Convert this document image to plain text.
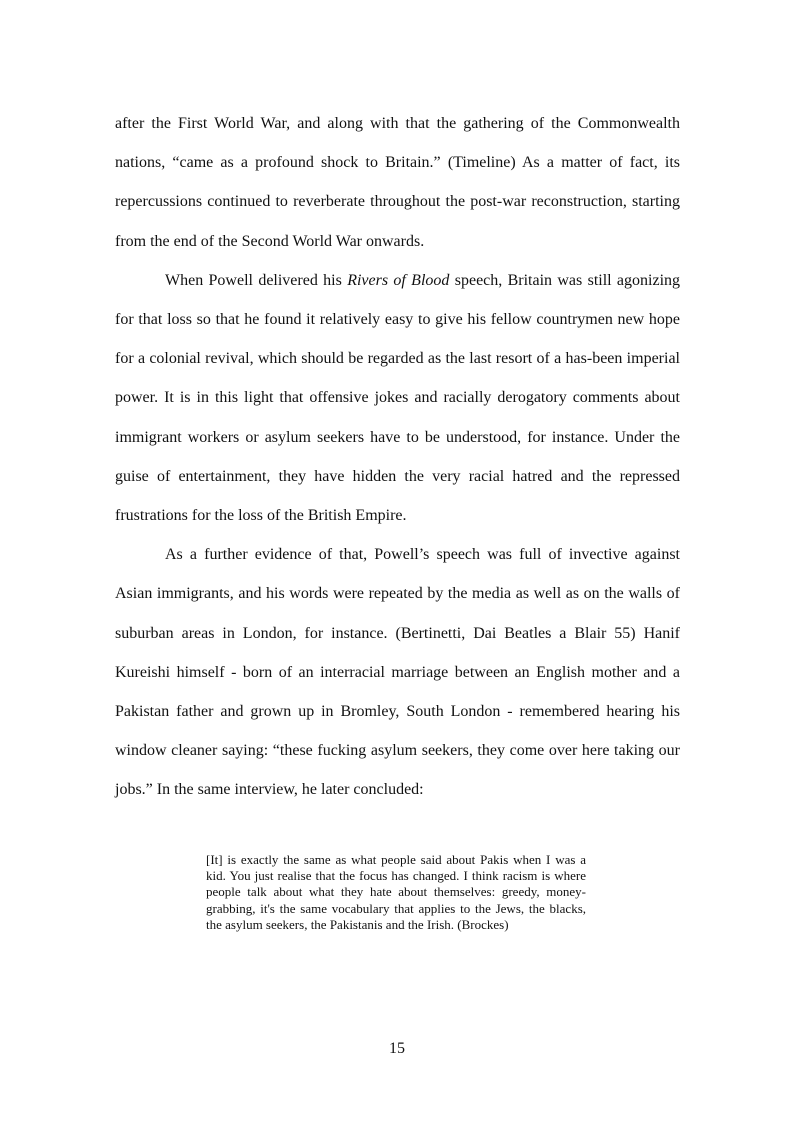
after the First World War, and along with that the gathering of the Commonwealth nations, “came as a profound shock to Britain.” (Timeline) As a matter of fact, its repercussions continued to reverberate throughout the post-war reconstruction, starting from the end of the Second World War onwards.

When Powell delivered his Rivers of Blood speech, Britain was still agonizing for that loss so that he found it relatively easy to give his fellow countrymen new hope for a colonial revival, which should be regarded as the last resort of a has-been imperial power. It is in this light that offensive jokes and racially derogatory comments about immigrant workers or asylum seekers have to be understood, for instance. Under the guise of entertainment, they have hidden the very racial hatred and the repressed frustrations for the loss of the British Empire.

As a further evidence of that, Powell’s speech was full of invective against Asian immigrants, and his words were repeated by the media as well as on the walls of suburban areas in London, for instance. (Bertinetti, Dai Beatles a Blair 55) Hanif Kureishi himself - born of an interracial marriage between an English mother and a Pakistan father and grown up in Bromley, South London - remembered hearing his window cleaner saying: “these fucking asylum seekers, they come over here taking our jobs.” In the same interview, he later concluded:

[It] is exactly the same as what people said about Pakis when I was a kid. You just realise that the focus has changed. I think racism is where people talk about what they hate about themselves: greedy, money-grabbing, it's the same vocabulary that applies to the Jews, the blacks, the asylum seekers, the Pakistanis and the Irish. (Brockes)
15
